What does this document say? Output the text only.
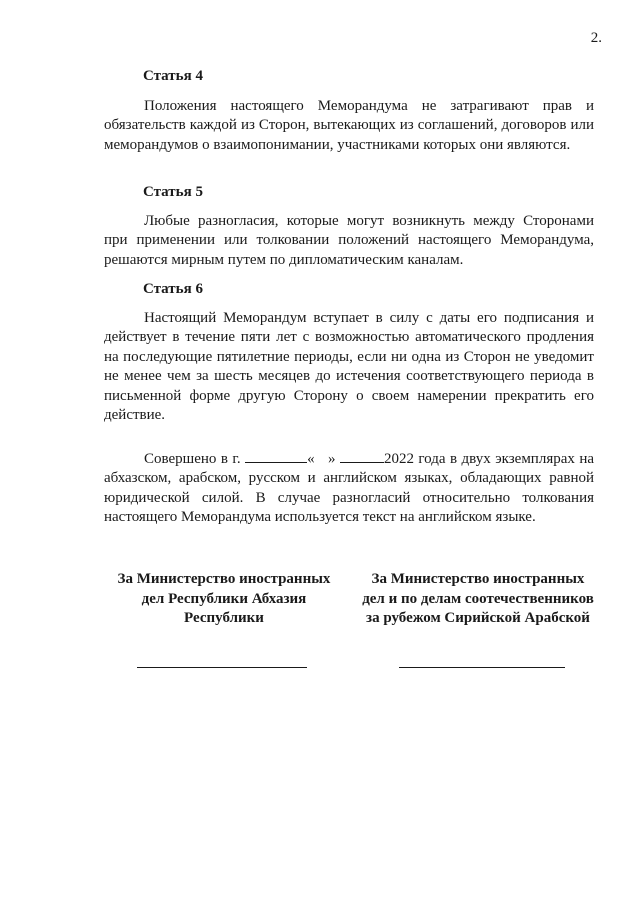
2.
Статья 4
Положения настоящего Меморандума не затрагивают прав и обязательств каждой из Сторон, вытекающих из соглашений, договоров или меморандумов о взаимопонимании, участниками которых они являются.
Статья 5
Любые разногласия, которые могут возникнуть между Сторонами при применении или толковании положений настоящего Меморандума, решаются мирным путем по дипломатическим каналам.
Статья 6
Настоящий Меморандум вступает в силу с даты его подписания и действует в течение пяти лет с возможностью автоматического продления на последующие пятилетние периоды, если ни одна из Сторон не уведомит не менее чем за шесть месяцев до истечения соответствующего периода в письменной форме другую Сторону о своем намерении прекратить его действие.
Совершено в г.	« »	2022 года в двух экземплярах на абхазском, арабском, русском и английском языках, обладающих равной юридической силой. В случае разногласий относительно толкования настоящего Меморандума используется текст на английском языке.
За Министерство иностранных
дел Республики Абхазия
Республики
За Министерство иностранных
дел и по делам соотечественников
за рубежом Сирийской Арабской
